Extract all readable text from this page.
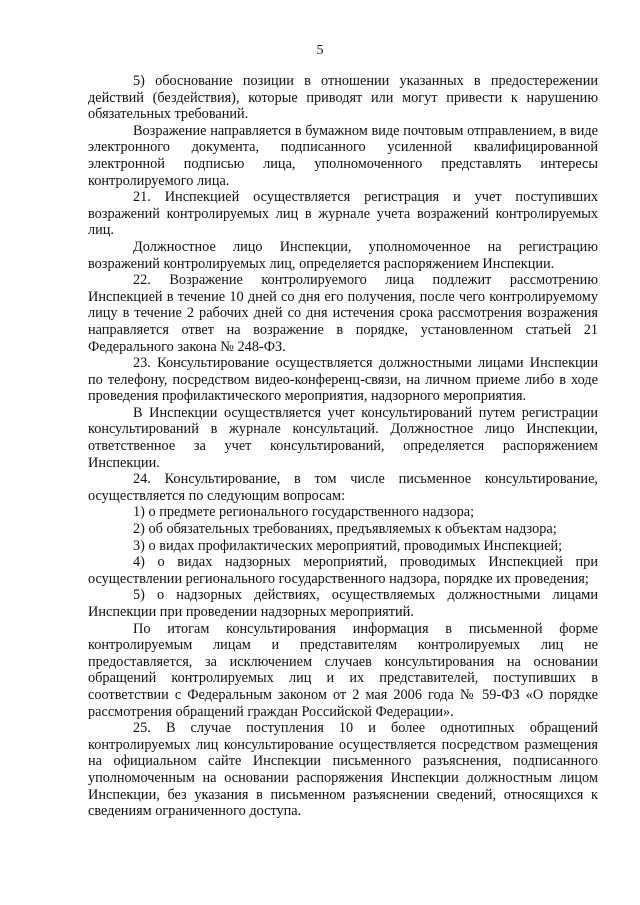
5

5) обоснование позиции в отношении указанных в предостережении действий (бездействия), которые приводят или могут привести к нарушению обязательных требований.

Возражение направляется в бумажном виде почтовым отправлением, в виде электронного документа, подписанного усиленной квалифицированной электронной подписью лица, уполномоченного представлять интересы контролируемого лица.

21. Инспекцией осуществляется регистрация и учет поступивших возражений контролируемых лиц в журнале учета возражений контролируемых лиц.

Должностное лицо Инспекции, уполномоченное на регистрацию возражений контролируемых лиц, определяется распоряжением Инспекции.

22. Возражение контролируемого лица подлежит рассмотрению Инспекцией в течение 10 дней со дня его получения, после чего контролируемому лицу в течение 2 рабочих дней со дня истечения срока рассмотрения возражения направляется ответ на возражение в порядке, установленном статьей 21 Федерального закона № 248-ФЗ.

23. Консультирование осуществляется должностными лицами Инспекции по телефону, посредством видео-конференц-связи, на личном приеме либо в ходе проведения профилактического мероприятия, надзорного мероприятия.

В Инспекции осуществляется учет консультирований путем регистрации консультирований в журнале консультаций. Должностное лицо Инспекции, ответственное за учет консультирований, определяется распоряжением Инспекции.

24. Консультирование, в том числе письменное консультирование, осуществляется по следующим вопросам:

1) о предмете регионального государственного надзора;

2) об обязательных требованиях, предъявляемых к объектам надзора;

3) о видах профилактических мероприятий, проводимых Инспекцией;

4) о видах надзорных мероприятий, проводимых Инспекцией при осуществлении регионального государственного надзора, порядке их проведения;

5) о надзорных действиях, осуществляемых должностными лицами Инспекции при проведении надзорных мероприятий.

По итогам консультирования информация в письменной форме контролируемым лицам и представителям контролируемых лиц не предоставляется, за исключением случаев консультирования на основании обращений контролируемых лиц и их представителей, поступивших в соответствии с Федеральным законом от 2 мая 2006 года № 59-ФЗ «О порядке рассмотрения обращений граждан Российской Федерации».

25. В случае поступления 10 и более однотипных обращений контролируемых лиц консультирование осуществляется посредством размещения на официальном сайте Инспекции письменного разъяснения, подписанного уполномоченным на основании распоряжения Инспекции должностным лицом Инспекции, без указания в письменном разъяснении сведений, относящихся к сведениям ограниченного доступа.
